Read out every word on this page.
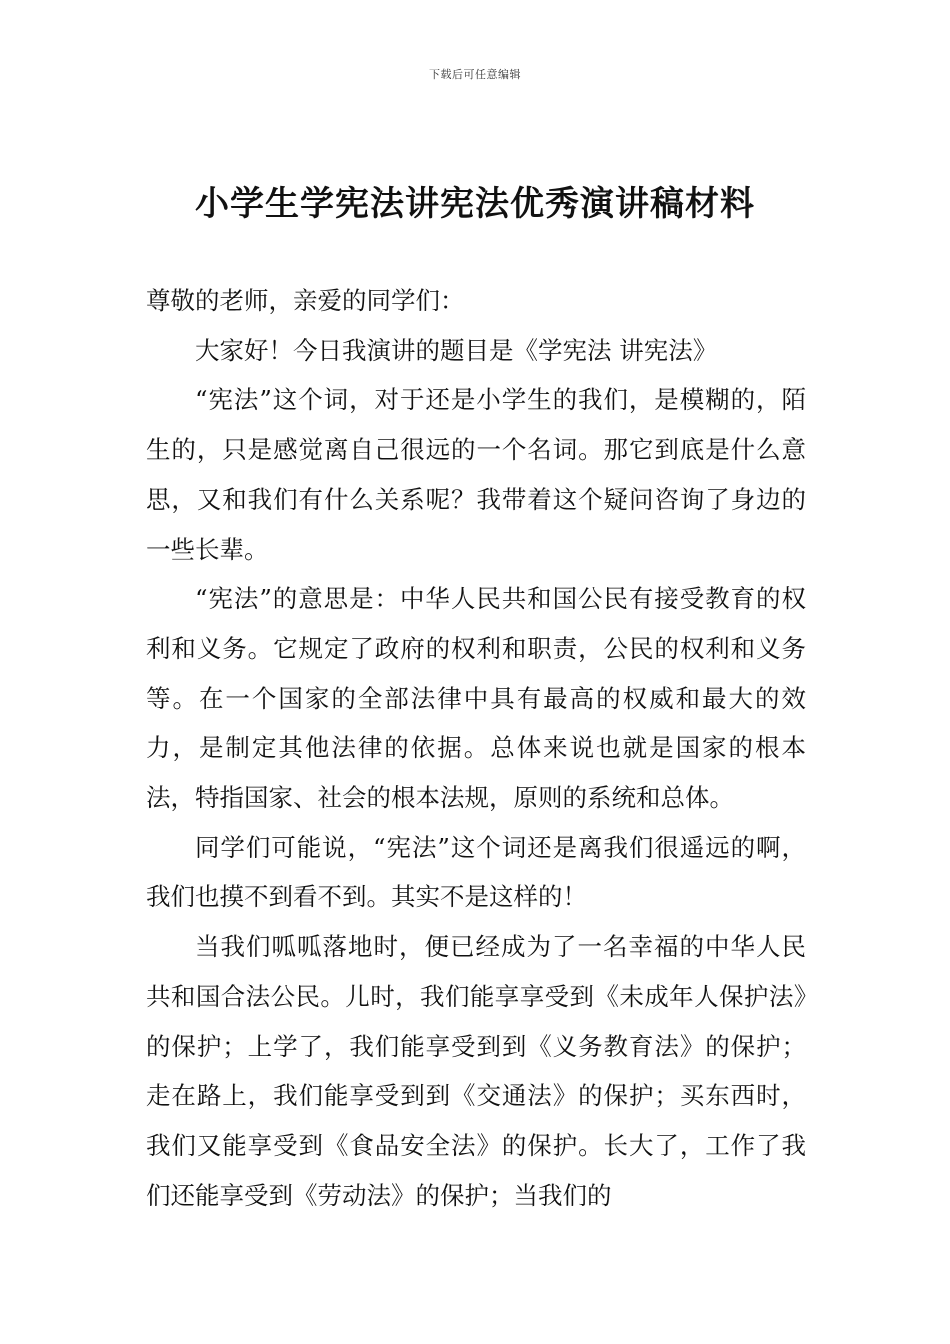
下载后可任意编辑
小学生学宪法讲宪法优秀演讲稿材料

尊敬的老师，亲爱的同学们：

大家好！今日我演讲的题目是《学宪法 讲宪法》

“宪法”这个词，对于还是小学生的我们，是模糊的，陌生的，只是感觉离自己很远的一个名词。那它到底是什么意思，又和我们有什么关系呢？我带着这个疑问咨询了身边的一些长辈。

“宪法”的意思是：中华人民共和国公民有接受教育的权利和义务。它规定了政府的权利和职责，公民的权利和义务等。在一个国家的全部法律中具有最高的权威和最大的效力，是制定其他法律的依据。总体来说也就是国家的根本法，特指国家、社会的根本法规，原则的系统和总体。

同学们可能说，“宪法”这个词还是离我们很遥远的啊，我们也摸不到看不到。其实不是这样的！

当我们呱呱落地时，便已经成为了一名幸福的中华人民共和国合法公民。儿时，我们能享享受到《未成年人保护法》的保护；上学了，我们能享受到到《义务教育法》的保护；走在路上，我们能享受到到《交通法》的保护；买东西时，我们又能享受到《食品安全法》的保护。长大了，工作了我们还能享受到《劳动法》的保护；当我们的
